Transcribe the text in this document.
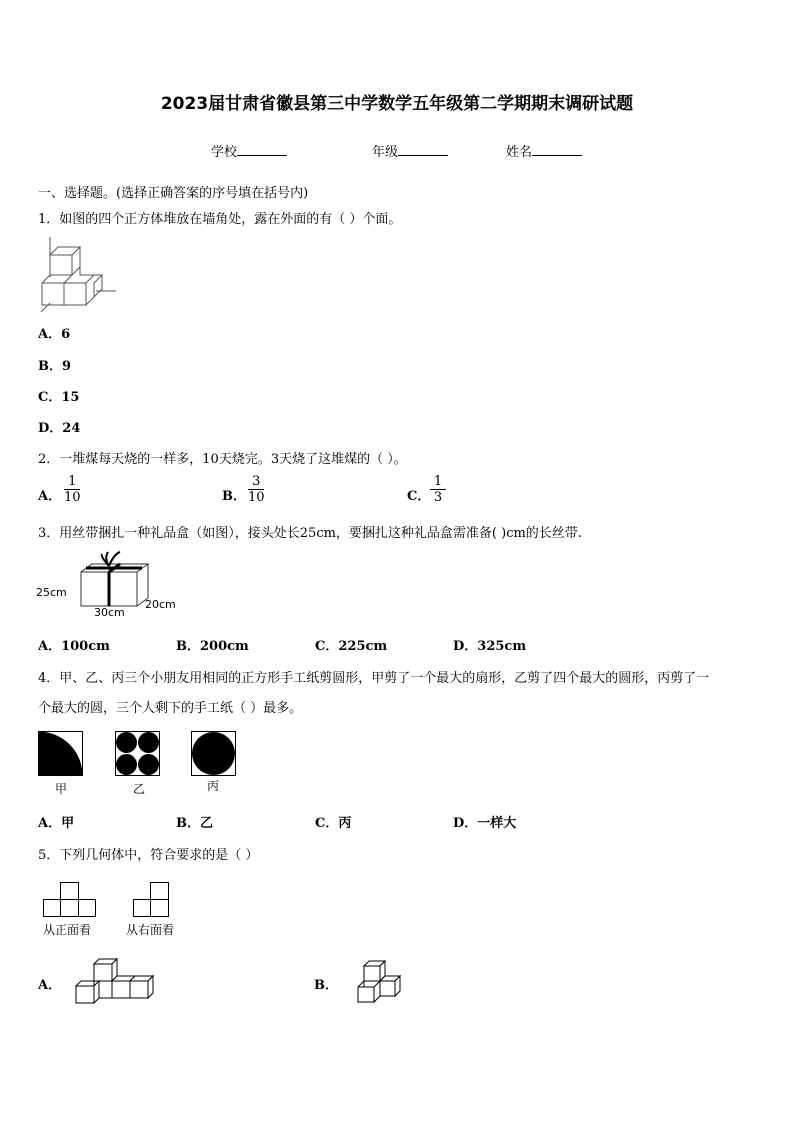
2023届甘肃省徽县第三中学数学五年级第二学期期末调研试题
学校	年级	姓名
一、选择题。(选择正确答案的序号填在括号内)
1．如图的四个正方体堆放在墙角处，露在外面的有（ ）个面。
A．6
B．9
C．15
D．24
2．一堆煤每天烧的一样多，10天烧完。3天烧了这堆煤的（ ）。
A．
1
10	B．
3
10	C．
1
3
3．用丝带捆扎一种礼品盒（如图），接头处长25cm，要捆扎这种礼品盒需准备( )cm的长丝带.
25cm
30cm
20cm
A．100cm	B．200cm	C．225cm	D．325cm
4．甲、乙、丙三个小朋友用相同的正方形手工纸剪圆形，甲剪了一个最大的扇形，乙剪了四个最大的圆形，丙剪了一
个最大的圆，三个人剩下的手工纸（ ）最多。
甲	乙	丙
A．甲	B．乙	C．丙	D．一样大
5．下列几何体中，符合要求的是（ ）
从正面看	从右面看
A．	B．
